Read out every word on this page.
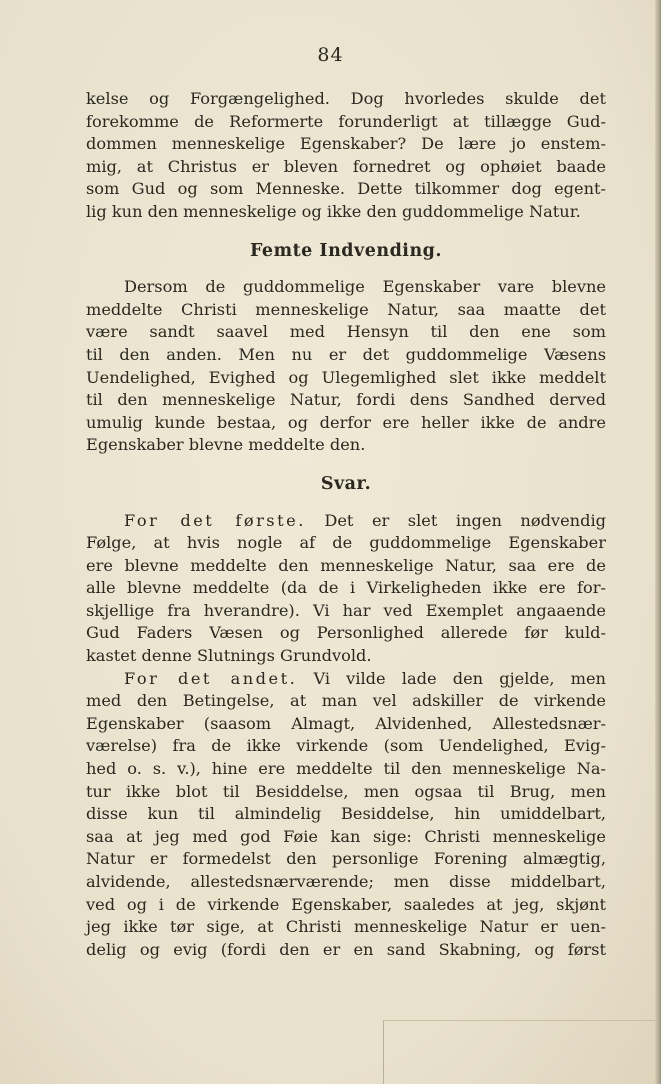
84
kelse og Forgængelighed. Dog hvorledes skulde det
forekomme de Reformerte forunderligt at tillægge Gud-
dommen menneskelige Egenskaber? De lære jo enstem-
mig, at Christus er bleven fornedret og ophøiet baade
som Gud og som Menneske. Dette tilkommer dog egent-
lig kun den menneskelige og ikke den guddommelige Natur.
Femte Indvending.
Dersom de guddommelige Egenskaber vare blevne
meddelte Christi menneskelige Natur, saa maatte det
være sandt saavel med Hensyn til den ene som
til den anden. Men nu er det guddommelige Væsens
Uendelighed, Evighed og Ulegemlighed slet ikke meddelt
til den menneskelige Natur, fordi dens Sandhed derved
umulig kunde bestaa, og derfor ere heller ikke de andre
Egenskaber blevne meddelte den.
Svar.
For det første. Det er slet ingen nødvendig
Følge, at hvis nogle af de guddommelige Egenskaber
ere blevne meddelte den menneskelige Natur, saa ere de
alle blevne meddelte (da de i Virkeligheden ikke ere for-
skjellige fra hverandre). Vi har ved Exemplet angaaende
Gud Faders Væsen og Personlighed allerede før kuld-
kastet denne Slutnings Grundvold.
For det andet. Vi vilde lade den gjelde, men
med den Betingelse, at man vel adskiller de virkende
Egenskaber (saasom Almagt, Alvidenhed, Allestedsnær-
værelse) fra de ikke virkende (som Uendelighed, Evig-
hed o. s. v.), hine ere meddelte til den menneskelige Na-
tur ikke blot til Besiddelse, men ogsaa til Brug, men
disse kun til almindelig Besiddelse, hin umiddelbart,
saa at jeg med god Føie kan sige: Christi menneskelige
Natur er formedelst den personlige Forening almægtig,
alvidende, allestedsnærværende; men disse middelbart,
ved og i de virkende Egenskaber, saaledes at jeg, skjønt
jeg ikke tør sige, at Christi menneskelige Natur er uen-
delig og evig (fordi den er en sand Skabning, og først
